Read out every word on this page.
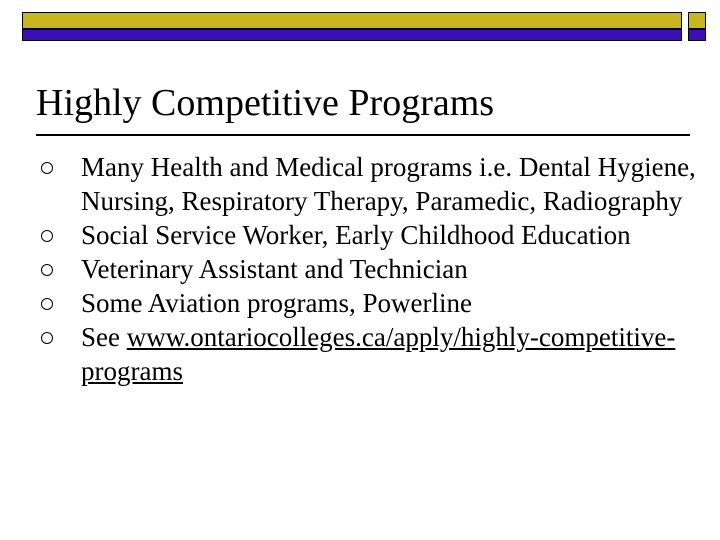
Highly Competitive Programs
Many Health and Medical programs i.e. Dental Hygiene, Nursing, Respiratory Therapy, Paramedic, Radiography
Social Service Worker, Early Childhood Education
Veterinary Assistant and Technician
Some Aviation programs, Powerline
See www.ontariocolleges.ca/apply/highly-competitive-programs
